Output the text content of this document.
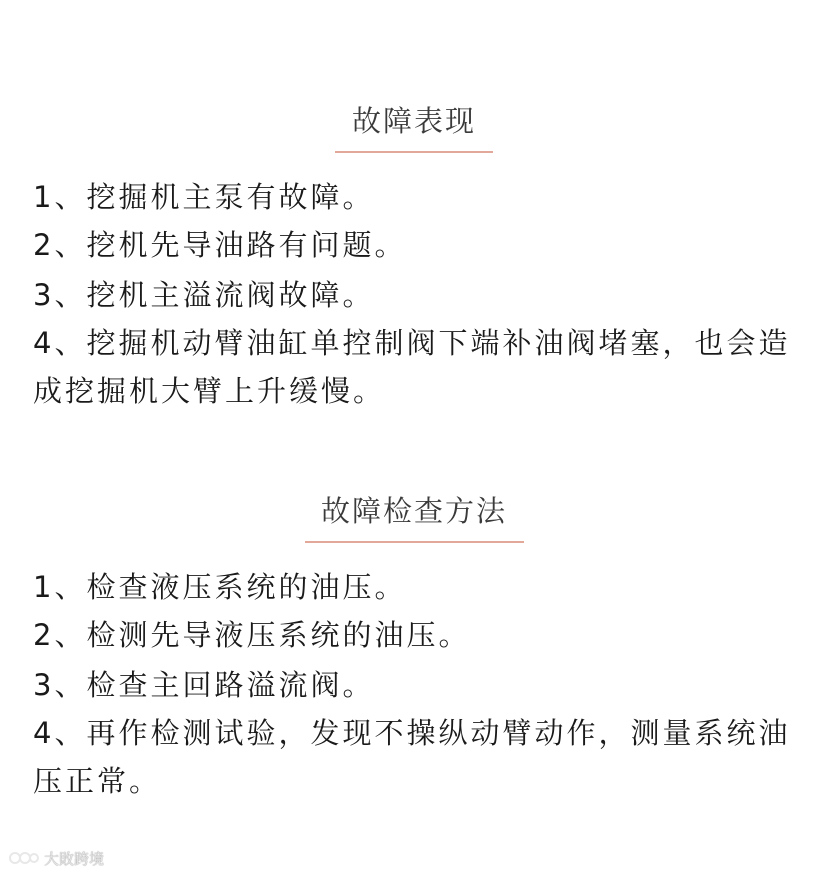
故障表现
1、挖掘机主泵有故障。
2、挖机先导油路有问题。
3、挖机主溢流阀故障。
4、挖掘机动臂油缸单控制阀下端补油阀堵塞，也会造成挖掘机大臂上升缓慢。
故障检查方法
1、检查液压系统的油压。
2、检测先导液压系统的油压。
3、检查主回路溢流阀。
4、再作检测试验，发现不操纵动臂动作，测量系统油压正常。
大敗跨境
